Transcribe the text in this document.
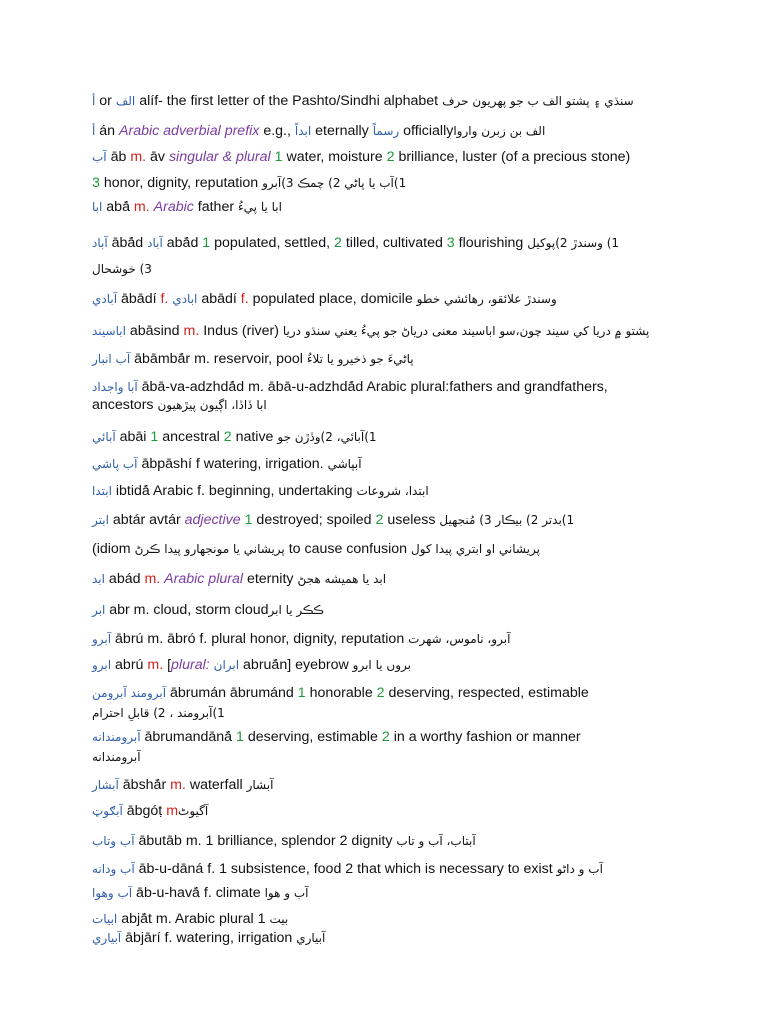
أ or الف alíf- the first letter of the Pashto/Sindhi alphabet سنڌي ۽ پشتو الف ب جو پهريون حرف
أ án Arabic adverbial prefix e.g., ابداً eternally رسماً officiallyالف بن زبرن واروا
آب āb m. āv singular & plural 1 water, moisture 2 brilliance, luster (of a precious stone)
3 honor, dignity, reputation 1)آب يا پاڻي 2) چمڪ 3)آبرو
ابا abā́ m. Arabic father ابا يا پيءُ
آباد ābā́d آباد abā́d 1 populated, settled, 2 tilled, cultivated 3 flourishing 1) وسندڙ 2)پوکيل
3) خوشحال
آبادي ābādí f. ابادي abādí f. populated place, domicile وسندڙ علائقو، رهائشي خطو
اباسيند abāsind m. Indus (river) پشتو ۾ دريا کي سيند چون،سو اباسيند معنى درياڻ جو پيءُ يعني سنڌو دريا
آب انبار ābāmbā́r m. reservoir, pool پاڻيءَ جو ذخيرو يا تلاءُ
آبا واجداد ābā-va-adzhdā́d m. ābā-u-adzhdā́d Arabic plural:fathers and grandfathers,
ancestors ابا ڏاڏا، اڳيون پيڙهيون
آبائي abāi 1 ancestral 2 native 1)آبائي، 2)وڏڙن جو
آب پاشي ābpāshí f watering, irrigation. آبپاشي
ابتدا ibtidā́ Arabic f. beginning, undertaking ابتدا، شروعات
ابتر abtár avtár adjective 1 destroyed; spoiled 2 useless 1)بدتر 2) بيڪار 3) مُنجهيل
(idiom پريشاني يا مونجهارو پيدا ڪرڻ to cause confusion پريشاني او ابتري پيدا کول
ابد abád m. Arabic plural eternity ابد يا هميشه هجڻ
ابر abr m. cloud, storm cloudڪڪر يا ابر
آبرو ābrú m. ābró f. plural honor, dignity, reputation آبرو، ناموس، شهرت
ابرو abrú m. [plural: ابران abruā́n] eyebrow بروں يا ابرو
آبرومن آبرومند ābrumán ābrumánd 1 honorable 2 deserving, respected, estimable
1)آبرومند ، 2) قابلِ احترام
آبرومندانه ābrumandānā́ 1 deserving, estimable 2 in a worthy fashion or manner
آبرومندانه
آبشار ābshā́r m. waterfall آبشار
آبګوټ ābgóṭ mآگيوٹ
آب وتاب ābutāb m. 1 brilliance, splendor 2 dignity آبتاب، آب و تاب
آب ودانه āb-u-dāná f. 1 subsistence, food 2 that which is necessary to exist آب و داڻو
آب وهوا āb-u-havā́ f. climate آب و هوا
ابيات abjā́t m. Arabic plural 1 بيت
آبياري ābjārí f. watering, irrigation آبياري
